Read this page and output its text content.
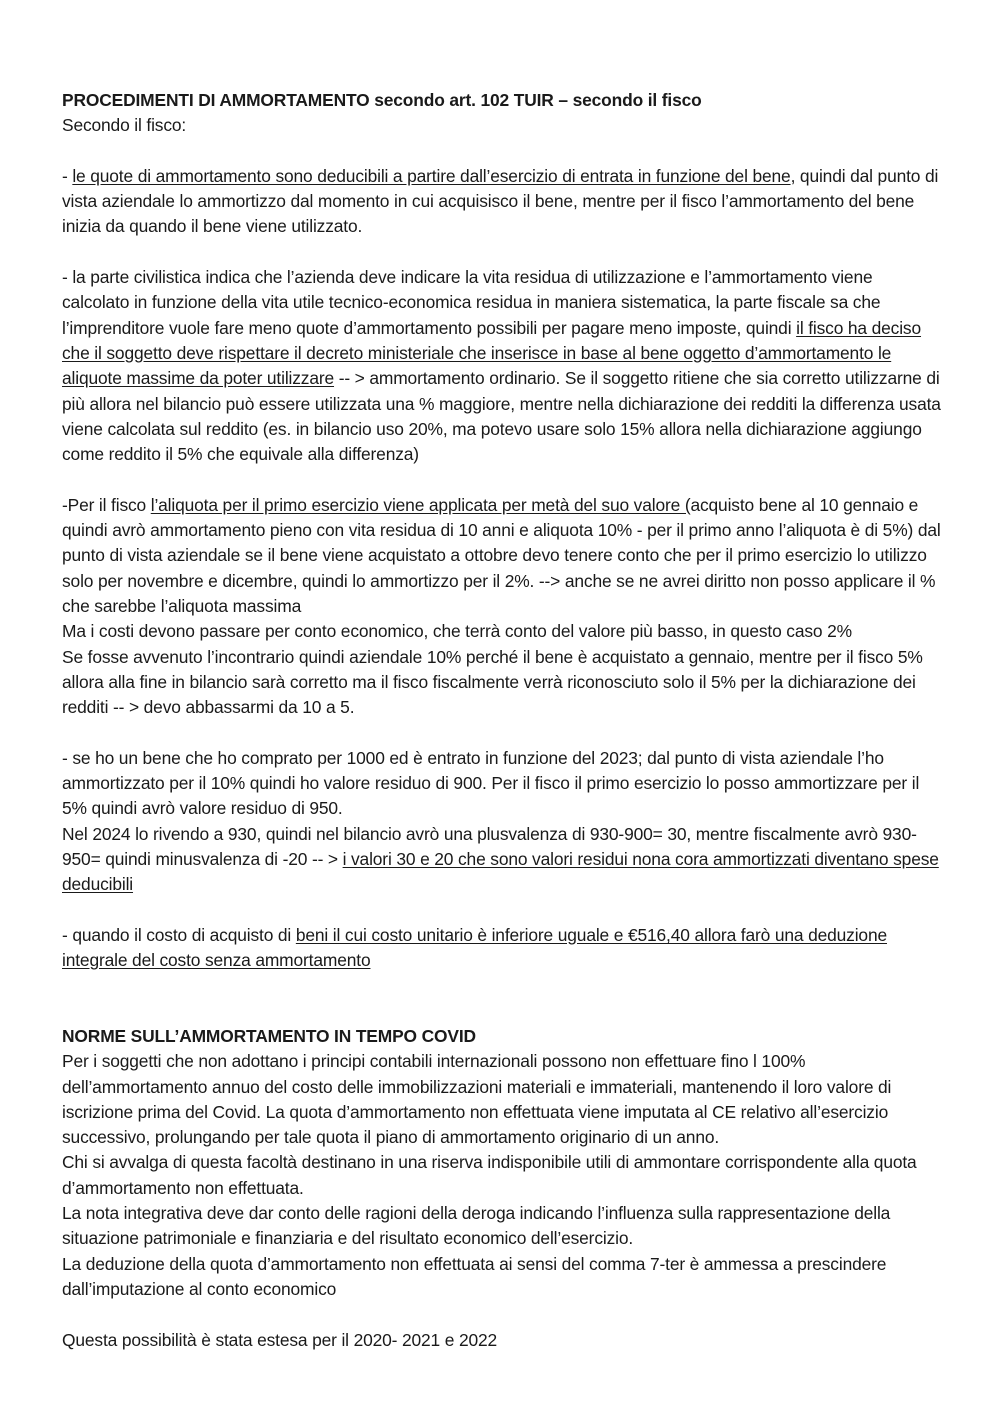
PROCEDIMENTI DI AMMORTAMENTO secondo art. 102 TUIR – secondo il fisco

Secondo il fisco:

- le quote di ammortamento sono deducibili a partire dall’esercizio di entrata in funzione del bene, quindi dal punto di vista aziendale lo ammortizzo dal momento in cui acquisisco il bene, mentre per il fisco l’ammortamento del bene inizia da quando il bene viene utilizzato.

- la parte civilistica indica che l’azienda deve indicare la vita residua di utilizzazione e l’ammortamento viene calcolato in funzione della vita utile tecnico-economica residua in maniera sistematica, la parte fiscale sa che l’imprenditore vuole fare meno quote d’ammortamento possibili per pagare meno imposte, quindi il fisco ha deciso che il soggetto deve rispettare il decreto ministeriale che inserisce in base al bene oggetto d’ammortamento le aliquote massime da poter utilizzare -- > ammortamento ordinario. Se il soggetto ritiene che sia corretto utilizzarne di più allora nel bilancio può essere utilizzata una % maggiore, mentre nella dichiarazione dei redditi la differenza usata viene calcolata sul reddito (es. in bilancio uso 20%, ma potevo usare solo 15% allora nella dichiarazione aggiungo come reddito il 5% che equivale alla differenza)

-Per il fisco l’aliquota per il primo esercizio viene applicata per metà del suo valore (acquisto bene al 10 gennaio e quindi avrò ammortamento pieno con vita residua di 10 anni e aliquota 10% - per il primo anno l’aliquota è di 5%) dal punto di vista aziendale se il bene viene acquistato a ottobre devo tenere conto che per il primo esercizio lo utilizzo solo per novembre e dicembre, quindi lo ammortizzo per il 2%. --> anche se ne avrei diritto non posso applicare il % che sarebbe l’aliquota massima

Ma i costi devono passare per conto economico, che terrà conto del valore più basso, in questo caso 2%

Se fosse avvenuto l’incontrario quindi aziendale 10% perché il bene è acquistato a gennaio, mentre per il fisco 5% allora alla fine in bilancio sarà corretto ma il fisco fiscalmente verrà riconosciuto solo il 5% per la dichiarazione dei redditi -- > devo abbassarmi da 10 a 5.

- se ho un bene che ho comprato per 1000 ed è entrato in funzione del 2023; dal punto di vista aziendale l’ho ammortizzato per il 10% quindi ho valore residuo di 900. Per il fisco il primo esercizio lo posso ammortizzare per il 5% quindi avrò valore residuo di 950.

Nel 2024 lo rivendo a 930, quindi nel bilancio avrò una plusvalenza di 930-900= 30, mentre fiscalmente avrò 930-950= quindi minusvalenza di -20 -- > i valori 30 e 20 che sono valori residui nona cora ammortizzati diventano spese deducibili

- quando il costo di acquisto di beni il cui costo unitario è inferiore uguale e €516,40 allora farò una deduzione integrale del costo senza ammortamento

NORME SULL’AMMORTAMENTO IN TEMPO COVID

Per i soggetti che non adottano i principi contabili internazionali possono non effettuare fino l 100% dell’ammortamento annuo del costo delle immobilizzazioni materiali e immateriali, mantenendo il loro valore di iscrizione prima del Covid. La quota d’ammortamento non effettuata viene imputata al CE relativo all’esercizio successivo, prolungando per tale quota il piano di ammortamento originario di un anno.

Chi si avvalga di questa facoltà destinano in una riserva indisponibile utili di ammontare corrispondente alla quota d’ammortamento non effettuata.

La nota integrativa deve dar conto delle ragioni della deroga indicando l’influenza sulla rappresentazione della situazione patrimoniale e finanziaria e del risultato economico dell’esercizio.

La deduzione della quota d’ammortamento non effettuata ai sensi del comma 7-ter è ammessa a prescindere dall’imputazione al conto economico

Questa possibilità è stata estesa per il 2020- 2021 e 2022
